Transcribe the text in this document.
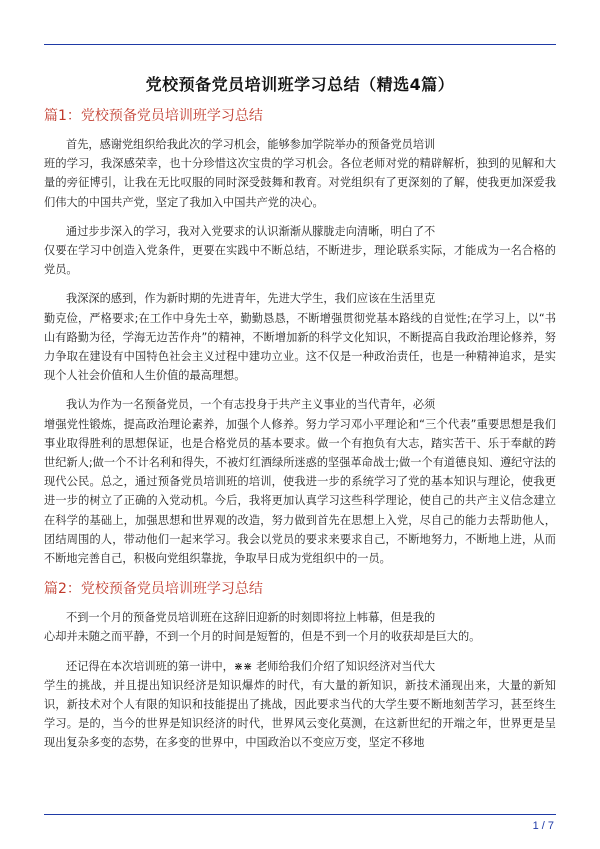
党校预备党员培训班学习总结（精选4篇）
篇1：党校预备党员培训班学习总结

首先，感谢党组织给我此次的学习机会，能够参加学院举办的预备党员培训
班的学习，我深感荣幸，也十分珍惜这次宝贵的学习机会。各位老师对党的精辟解析，独到的见解和大量的旁征博引，让我在无比叹服的同时深受鼓舞和教育。对党组织有了更深刻的了解，使我更加深爱我们伟大的中国共产党，坚定了我加入中国共产党的决心。

通过步步深入的学习，我对入党要求的认识渐渐从朦胧走向清晰，明白了不
仅要在学习中创造入党条件，更要在实践中不断总结，不断进步，理论联系实际，才能成为一名合格的党员。

我深深的感到，作为新时期的先进青年，先进大学生，我们应该在生活里克
勤克俭，严格要求;在工作中身先士卒，勤勤恳恳，不断增强贯彻党基本路线的自觉性;在学习上，以“书山有路勤为径，学海无边苦作舟”的精神，不断增加新的科学文化知识，不断提高自我政治理论修养，努力争取在建设有中国特色社会主义过程中建功立业。这不仅是一种政治责任，也是一种精神追求，是实现个人社会价值和人生价值的最高理想。

我认为作为一名预备党员，一个有志投身于共产主义事业的当代青年，必须
增强党性锻炼，提高政治理论素养，加强个人修养。努力学习邓小平理论和“三个代表”重要思想是我们事业取得胜利的思想保证，也是合格党员的基本要求。做一个有抱负有大志，踏实苦干、乐于奉献的跨世纪新人;做一个不计名利和得失，不被灯红酒绿所迷惑的坚强革命战士;做一个有道德良知、遵纪守法的现代公民。总之，通过预备党员培训班的培训，使我进一步的系统学习了党的基本知识与理论，使我更进一步的树立了正确的入党动机。今后，我将更加认真学习这些科学理论，使自己的共产主义信念建立在科学的基础上，加强思想和世界观的改造，努力做到首先在思想上入党，尽自己的能力去帮助他人，团结周围的人，带动他们一起来学习。我会以党员的要求来要求自己，不断地努力，不断地上进，从而不断地完善自己，积极向党组织靠拢，争取早日成为党组织中的一员。

篇2：党校预备党员培训班学习总结

不到一个月的预备党员培训班在这辞旧迎新的时刻即将拉上帏幕，但是我的
心却并未随之而平静，不到一个月的时间是短暂的，但是不到一个月的收获却是巨大的。

还记得在本次培训班的第一讲中，⋇⋇ 老师给我们介绍了知识经济对当代大
学生的挑战，并且提出知识经济是知识爆炸的时代，有大量的新知识，新技术涌现出来，大量的新知识，新技术对个人有限的知识和技能提出了挑战，因此要求当代的大学生要不断地刻苦学习，甚至终生学习。是的，当今的世界是知识经济的时代，世界风云变化莫测，在这新世纪的开端之年，世界更是呈现出复杂多变的态势，在多变的世界中，中国政治以不变应万变，坚定不移地

1 / 7
